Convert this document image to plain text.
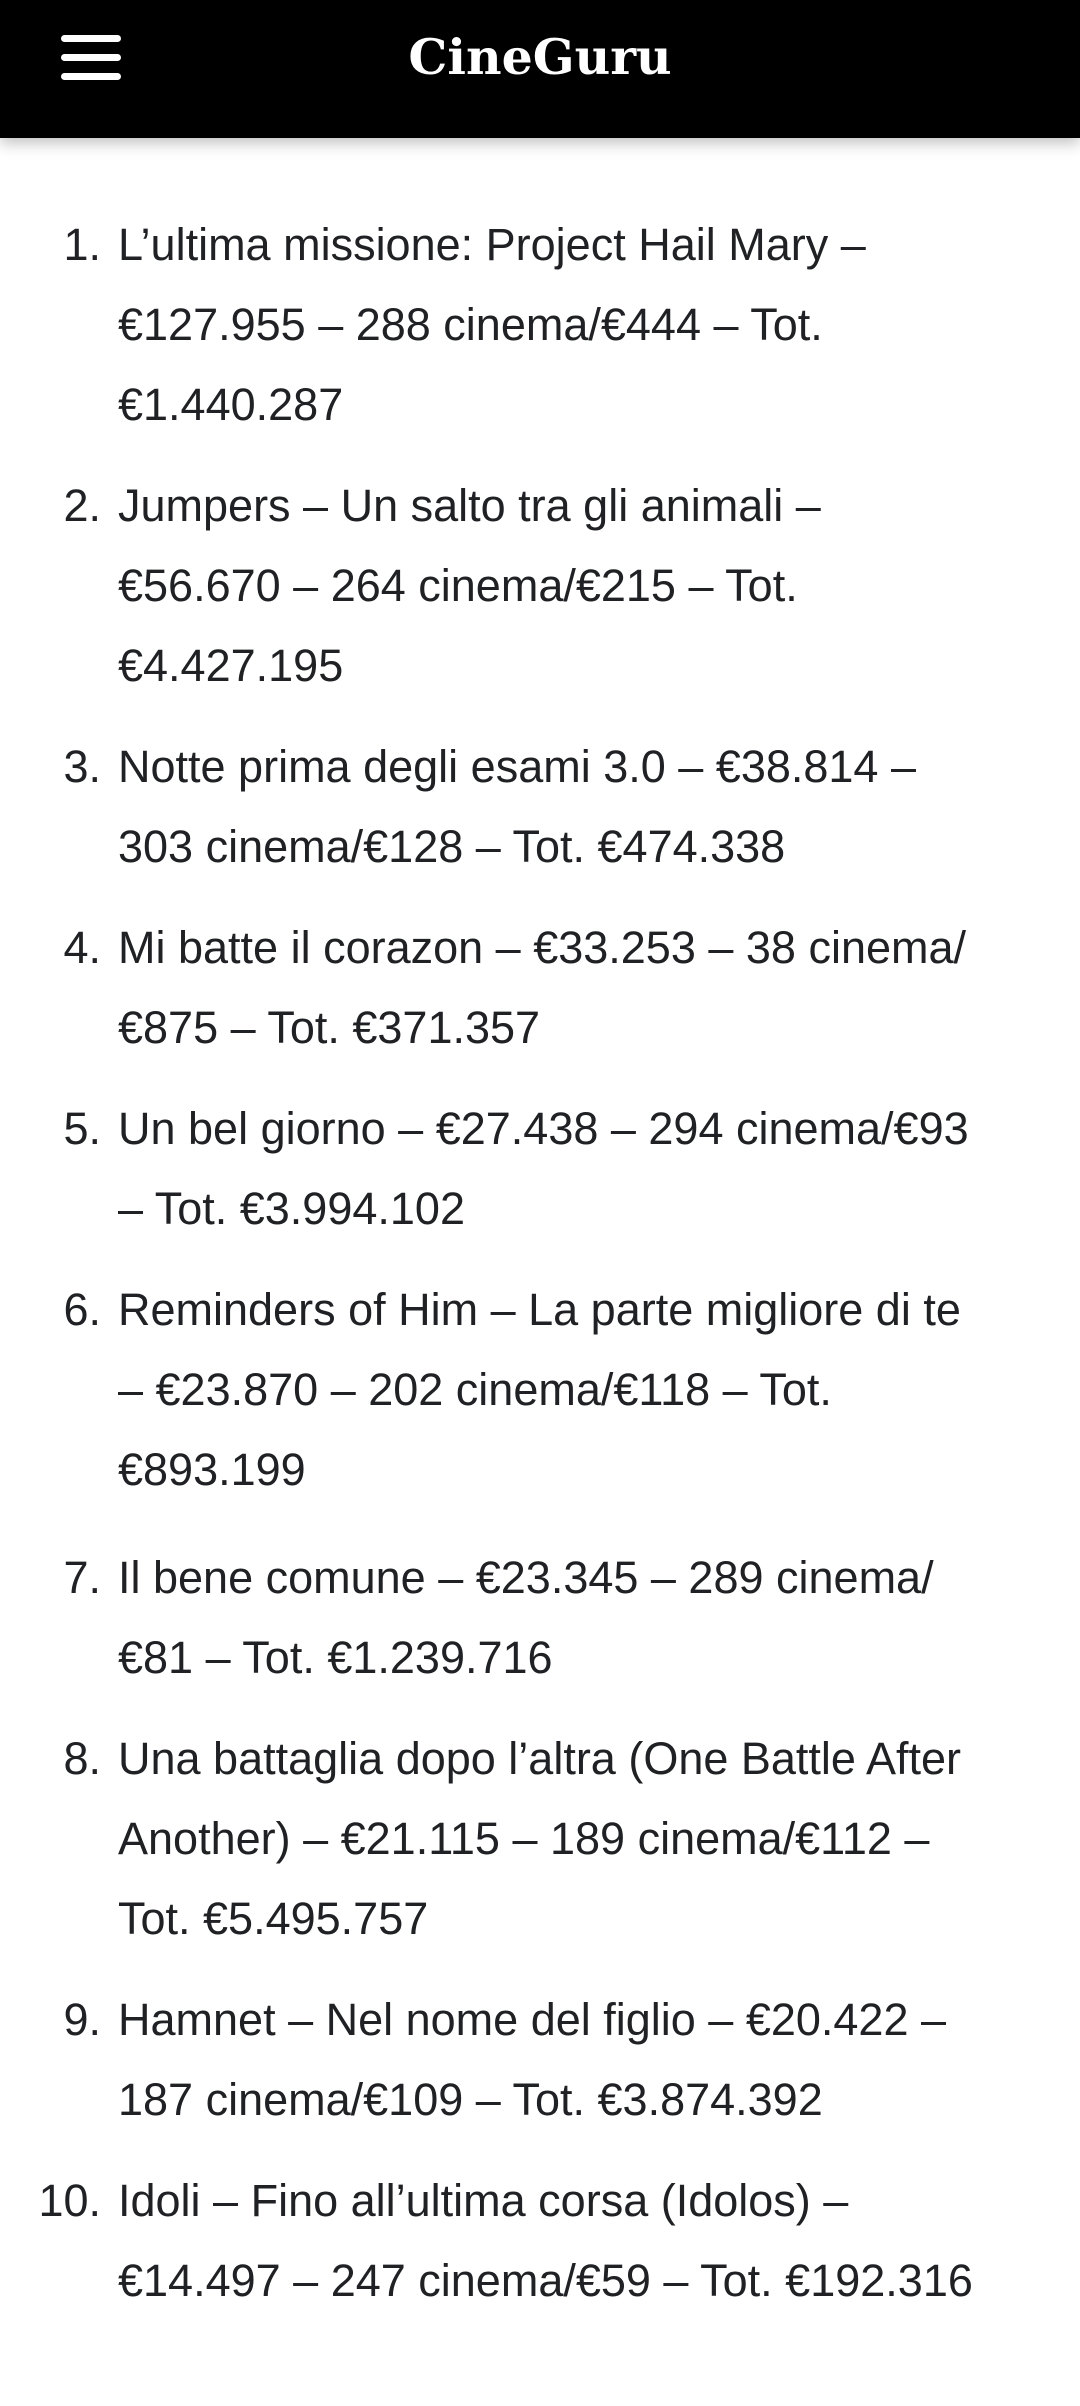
CineGuru
1. L’ultima missione: Project Hail Mary – €127.955 – 288 cinema/€444 – Tot. €1.440.287
2. Jumpers – Un salto tra gli animali – €56.670 – 264 cinema/€215 – Tot. €4.427.195
3. Notte prima degli esami 3.0 – €38.814 – 303 cinema/€128 – Tot. €474.338
4. Mi batte il corazon – €33.253 – 38 cinema/€875 – Tot. €371.357
5. Un bel giorno – €27.438 – 294 cinema/€93 – Tot. €3.994.102
6. Reminders of Him – La parte migliore di te – €23.870 – 202 cinema/€118 – Tot. €893.199
7. Il bene comune – €23.345 – 289 cinema/€81 – Tot. €1.239.716
8. Una battaglia dopo l’altra (One Battle After Another) – €21.115 – 189 cinema/€112 – Tot. €5.495.757
9. Hamnet – Nel nome del figlio – €20.422 – 187 cinema/€109 – Tot. €3.874.392
10. Idoli – Fino all’ultima corsa (Idolos) – €14.497 – 247 cinema/€59 – Tot. €192.316
